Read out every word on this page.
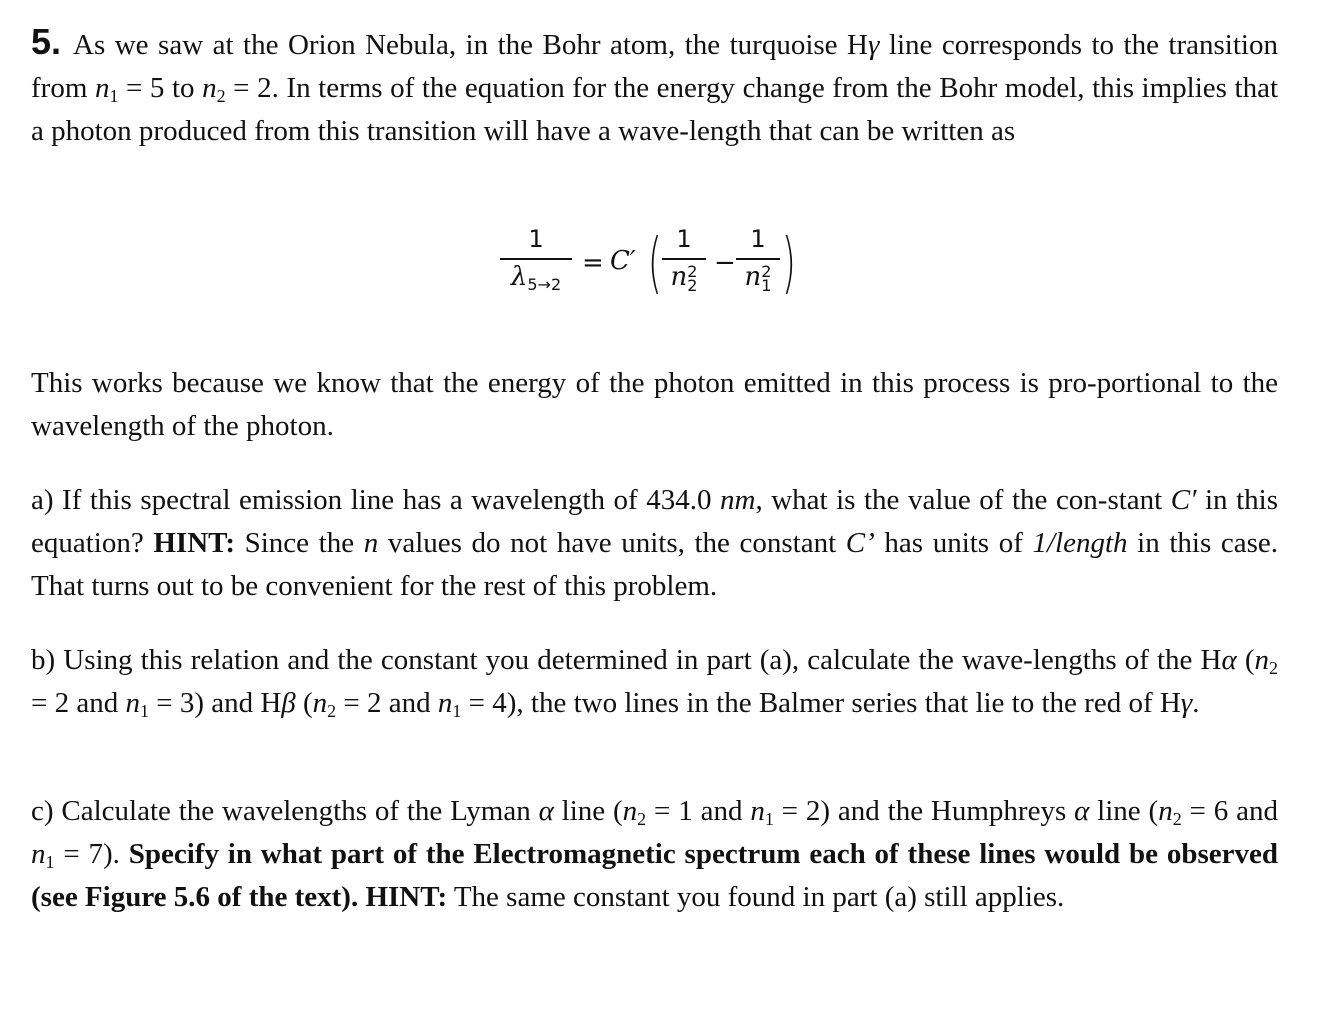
5. As we saw at the Orion Nebula, in the Bohr atom, the turquoise Hγ line corresponds to the transition from $n_1 = 5$ to $n_2 = 2$. In terms of the equation for the energy change from the Bohr model, this implies that a photon produced from this transition will have a wave-length that can be written as

1
$\lambda_{5\to 2}$
= C′ ( 1
n 2
2
−
1
n 2
1 )

This works because we know that the energy of the photon emitted in this process is pro-portional to the wavelength of the photon.

a) If this spectral emission line has a wavelength of 434.0 nm, what is the value of the con-stant C′ in this equation? HINT: Since the n values do not have units, the constant C’ has units of 1/length in this case. That turns out to be convenient for the rest of this problem.

b) Using this relation and the constant you determined in part (a), calculate the wave-lengths of the Hα ($n_2 = 2$ and $n_1 = 3$) and Hβ ($n_2 = 2$ and $n_1 = 4$), the two lines in the Balmer series that lie to the red of Hγ.

c) Calculate the wavelengths of the Lyman α line ($n_2 = 1$ and $n_1 = 2$) and the Humphreys α line ($n_2 = 6$ and $n_1 = 7$). Specify in what part of the Electromagnetic spectrum each of these lines would be observed (see Figure 5.6 of the text). HINT: The same constant you found in part (a) still applies.
